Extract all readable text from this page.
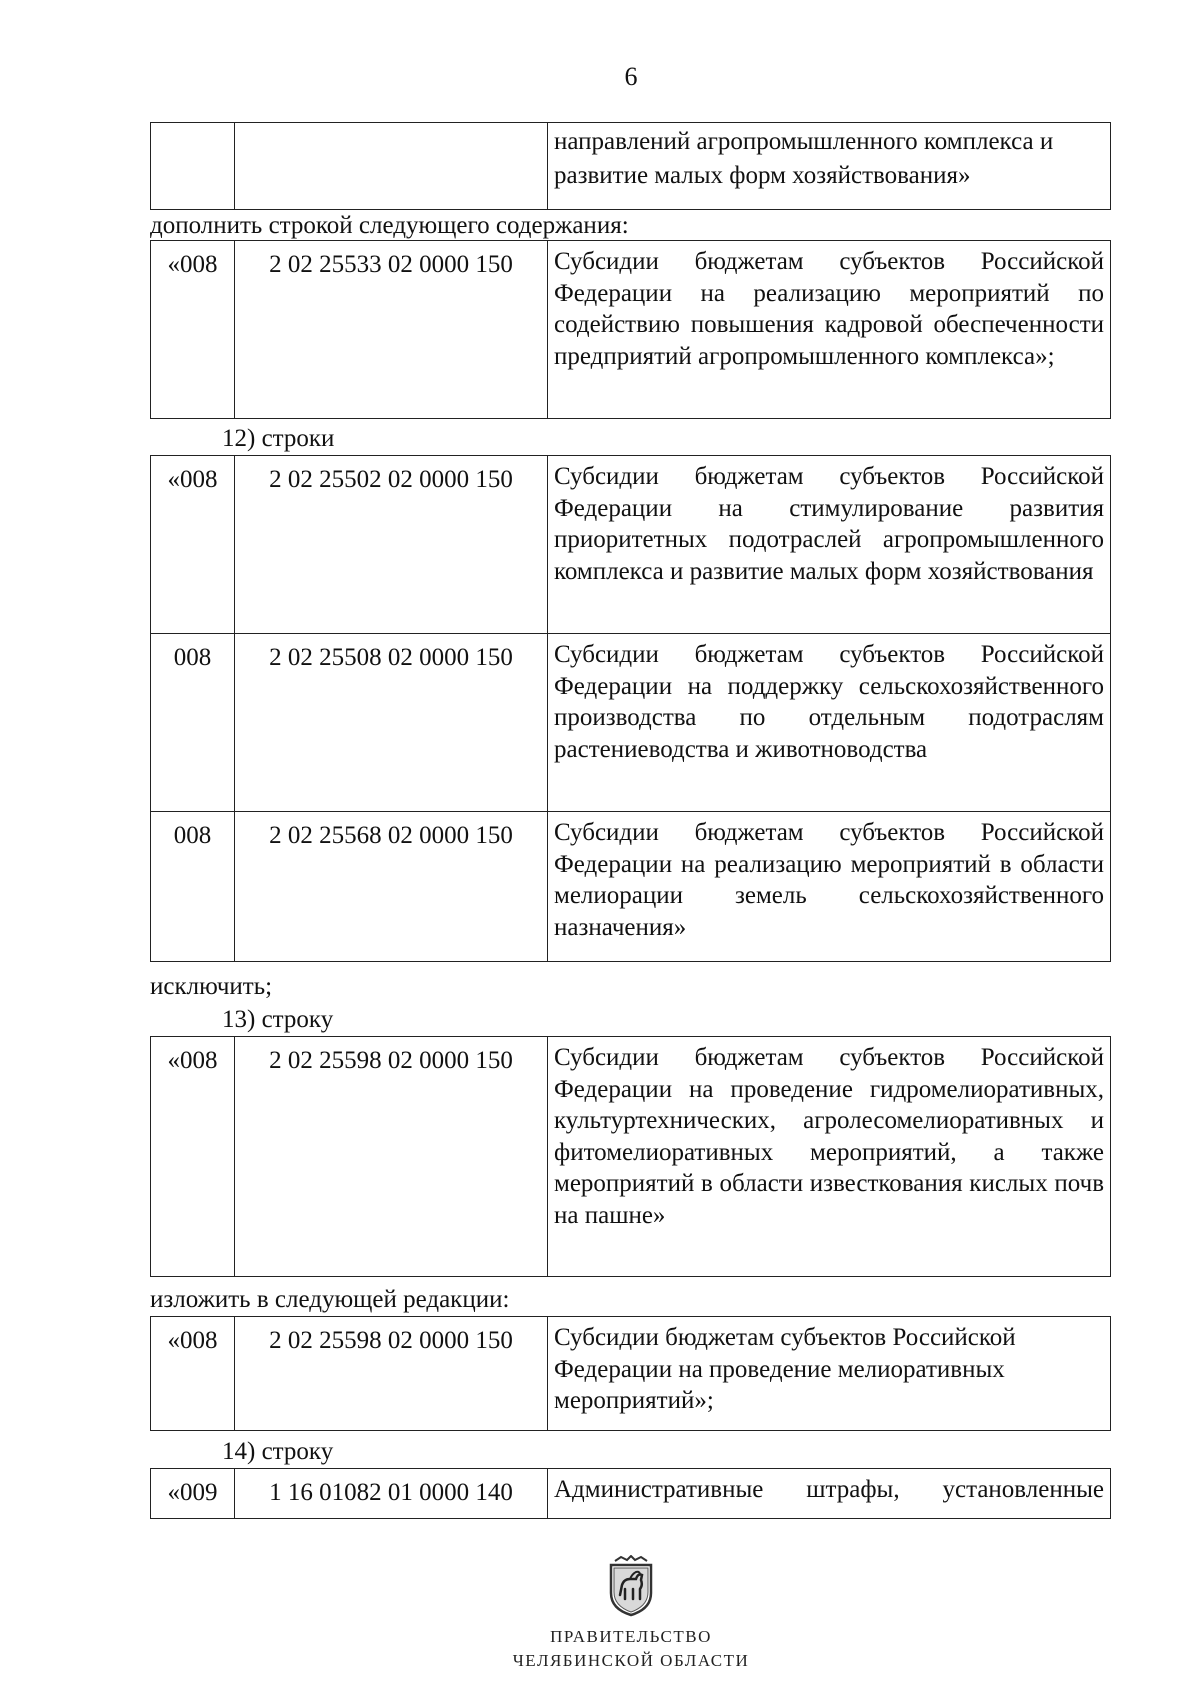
6
		направлений агропромышленного комплекса и развитие малых форм хозяйствования»
дополнить строкой следующего содержания:
«008	2 02 25533 02 0000 150	Субсидии бюджетам субъектов Российской Федерации на реализацию мероприятий по содействию повышения кадровой обеспеченности предприятий агропромышленного комплекса»;
12) строки
«008	2 02 25502 02 0000 150	Субсидии бюджетам субъектов Российской Федерации на стимулирование развития приоритетных подотраслей агропромышленного комплекса и развитие малых форм хозяйствования
008	2 02 25508 02 0000 150	Субсидии бюджетам субъектов Российской Федерации на поддержку сельскохозяйственного производства по отдельным подотраслям растениеводства и животноводства
008	2 02 25568 02 0000 150	Субсидии бюджетам субъектов Российской Федерации на реализацию мероприятий в области мелиорации земель сельскохозяйственного назначения»
исключить;
13) строку
«008	2 02 25598 02 0000 150	Субсидии бюджетам субъектов Российской Федерации на проведение гидромелиоративных, культуртехнических, агролесомелиоративных и фитомелиоративных мероприятий, а также мероприятий в области известкования кислых почв на пашне»
изложить в следующей редакции:
«008	2 02 25598 02 0000 150	Субсидии бюджетам субъектов Российской Федерации на проведение мелиоративных мероприятий»;
14) строку
«009	1 16 01082 01 0000 140	Административные штрафы, установленные
ПРАВИТЕЛЬСТВО
ЧЕЛЯБИНСКОЙ ОБЛАСТИ
